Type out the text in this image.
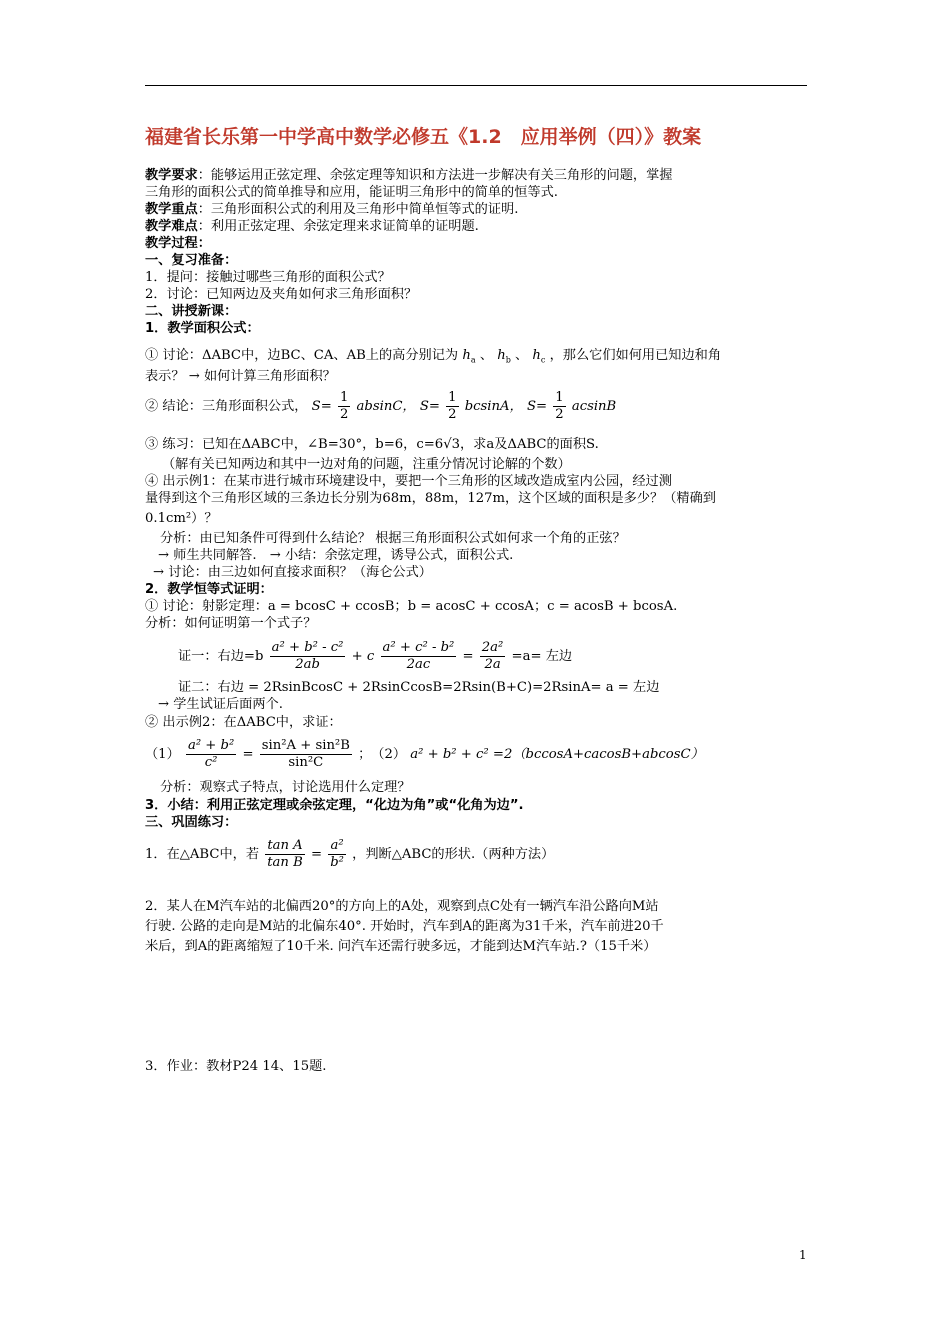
福建省长乐第一中学高中数学必修五《1.2　应用举例（四）》教案
教学要求：能够运用正弦定理、余弦定理等知识和方法进一步解决有关三角形的问题，掌握
三角形的面积公式的简单推导和应用，能证明三角形中的简单的恒等式.
教学重点：三角形面积公式的利用及三角形中简单恒等式的证明.
教学难点：利用正弦定理、余弦定理来求证简单的证明题.
教学过程：
一、复习准备：
1．提问：接触过哪些三角形的面积公式？
2．讨论：已知两边及夹角如何求三角形面积？
二、讲授新课：
1．教学面积公式：
① 讨论：ΔABC中，边BC、CA、AB上的高分别记为 $h_a$ 、 $h_b$ 、 $h_c$ ，那么它们如何用已知边和角
表示？ → 如何计算三角形面积？
② 结论：三角形面积公式， $S= \frac{1}{2}$ absinC， $S= \frac{1}{2}$ bcsinA， $S= \frac{1}{2}$ acsinB
③ 练习：已知在ΔABC中，∠B=30°，b=6，c=6√3，求a及ΔABC的面积S.
（解有关已知两边和其中一边对角的问题，注重分情况讨论解的个数）
④ 出示例1：在某市进行城市环境建设中，要把一个三角形的区域改造成室内公园，经过测
量得到这个三角形区域的三条边长分别为68m，88m，127m，这个区域的面积是多少？（精确到
0.1cm²）？
分析：由已知条件可得到什么结论？ 根据三角形面积公式如何求一个角的正弦？
→ 师生共同解答.　→ 小结：余弦定理，诱导公式，面积公式.
→ 讨论：由三边如何直接求面积？（海仑公式）
2．教学恒等式证明：
① 讨论：射影定理：a = bcosC + ccosB；b = acosC + ccosA；c = acosB + bcosA.
分析：如何证明第一个式子？
证一：右边$=b \frac{\text{a² + b² - c²}}{2ab} + c \frac{\text{a² + c² - b²}}{2ac} = \frac{\text{2a²}}{2a} =a=$ 左边
证二：右边 = 2RsinBcosC + 2RsinCcosB=2Rsin(B+C)=2RsinA= a = 左边
→ 学生试证后面两个.
② 出示例2：在ΔABC中，求证：
$(1) \frac{\text{a² + b²}}{\text{c²}} = \frac{\text{sin²A + sin²B}}{\text{sin²C}}$ ；　（2） a² + b² + c² =2（bccosA+cacosB+abcosC）
分析：观察式子特点，讨论选用什么定理？
3．小结：利用正弦定理或余弦定理，“化边为角”或“化角为边”.
三、巩固练习：
1．在△ABC中，若 $\frac{\text{tan A}}{\text{tan B}} = \frac{\text{a²}}{\text{b²}}$ ，判断△ABC的形状.（两种方法）
2．某人在M汽车站的北偏西20°的方向上的A处，观察到点C处有一辆汽车沿公路向M站
行驶. 公路的走向是M站的北偏东40°. 开始时，汽车到A的距离为31千米，汽车前进20千
米后，到A的距离缩短了10千米. 问汽车还需行驶多远，才能到达M汽车站.?（15千米）
3．作业：教材P24 14、15题.
1
